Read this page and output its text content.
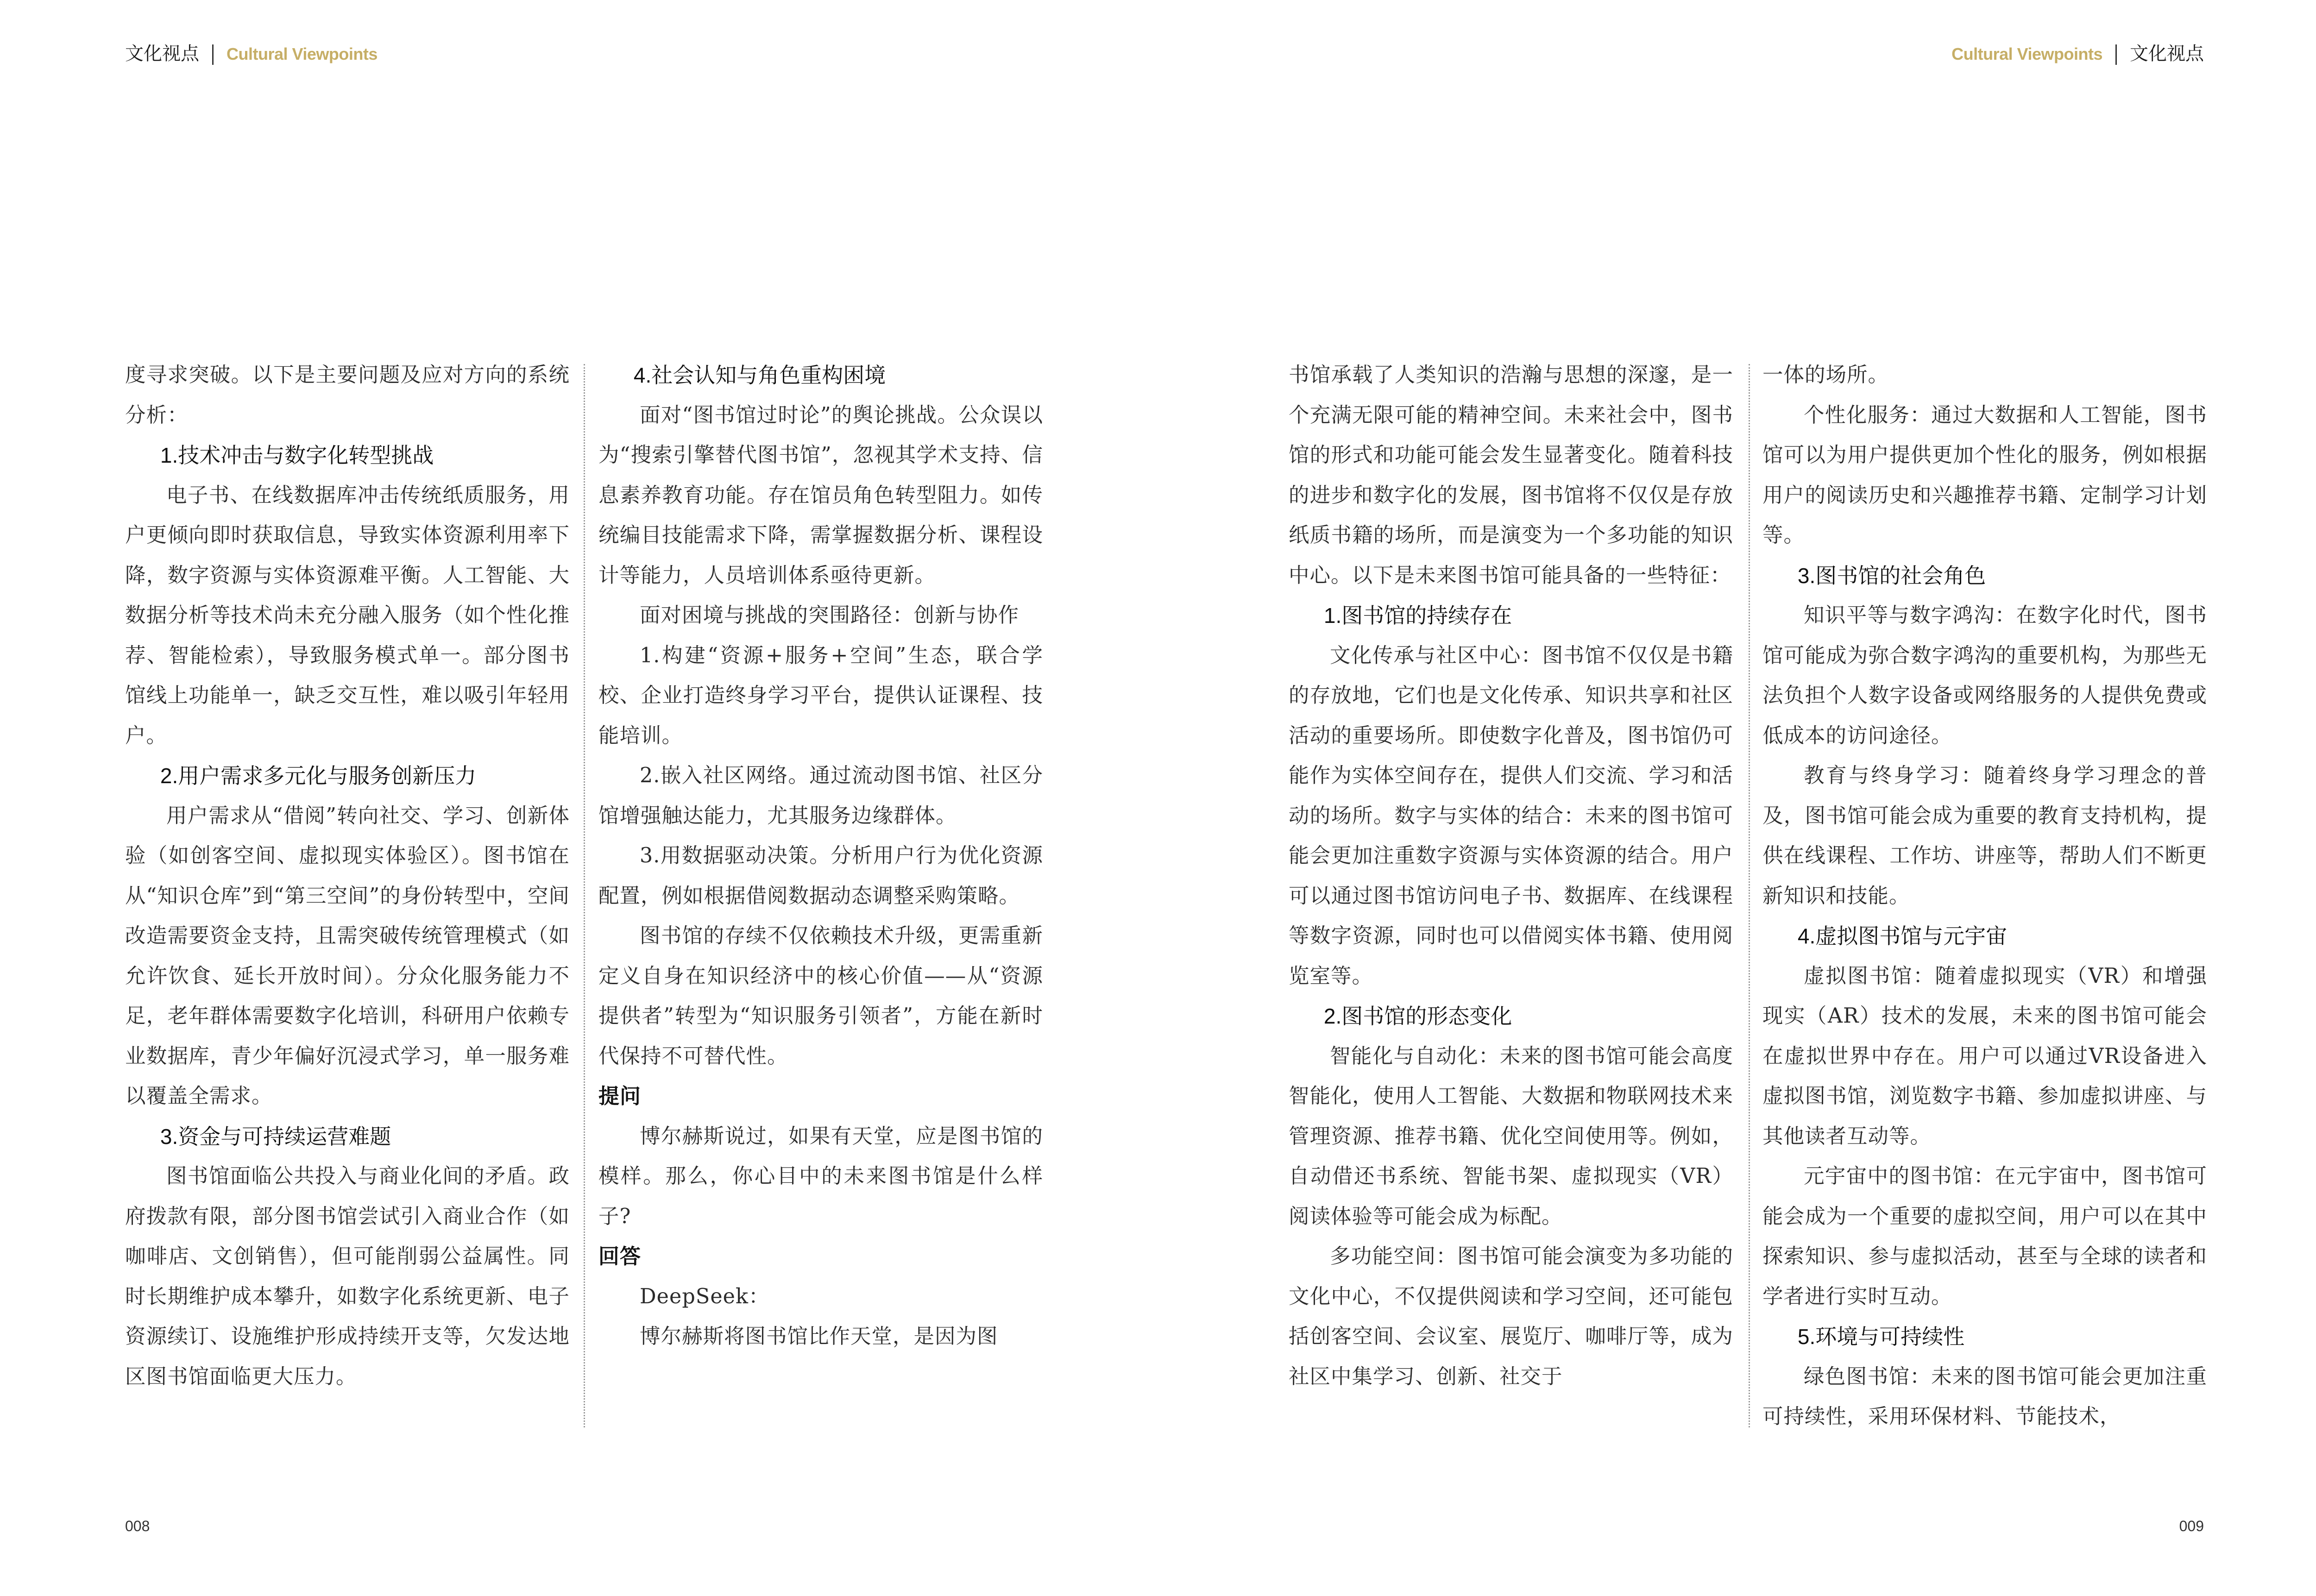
文化视点 Cultural Viewpoints	Cultural Viewpoints 文化视点

度寻求突破。以下是主要问题及应对方向的系统分析：

1.技术冲击与数字化转型挑战

电子书、在线数据库冲击传统纸质服务，用户更倾向即时获取信息，导致实体资源利用率下降，数字资源与实体资源难平衡。人工智能、大数据分析等技术尚未充分融入服务（如个性化推荐、智能检索），导致服务模式单一。部分图书馆线上功能单一，缺乏交互性，难以吸引年轻用户。

2.用户需求多元化与服务创新压力

用户需求从“借阅”转向社交、学习、创新体验（如创客空间、虚拟现实体验区）。图书馆在从“知识仓库”到“第三空间”的身份转型中，空间改造需要资金支持，且需突破传统管理模式（如允许饮食、延长开放时间）。分众化服务能力不足，老年群体需要数字化培训，科研用户依赖专业数据库，青少年偏好沉浸式学习，单一服务难以覆盖全需求。

3.资金与可持续运营难题

图书馆面临公共投入与商业化间的矛盾。政府拨款有限，部分图书馆尝试引入商业合作（如咖啡店、文创销售），但可能削弱公益属性。同时长期维护成本攀升，如数字化系统更新、电子资源续订、设施维护形成持续开支等，欠发达地区图书馆面临更大压力。

4.社会认知与角色重构困境

面对“图书馆过时论”的舆论挑战。公众误以为“搜索引擎替代图书馆”，忽视其学术支持、信息素养教育功能。存在馆员角色转型阻力。如传统编目技能需求下降，需掌握数据分析、课程设计等能力，人员培训体系亟待更新。

面对困境与挑战的突围路径：创新与协作

1.构建“资源+服务+空间”生态，联合学校、企业打造终身学习平台，提供认证课程、技能培训。

2.嵌入社区网络。通过流动图书馆、社区分馆增强触达能力，尤其服务边缘群体。

3.用数据驱动决策。分析用户行为优化资源配置，例如根据借阅数据动态调整采购策略。

图书馆的存续不仅依赖技术升级，更需重新定义自身在知识经济中的核心价值——从“资源提供者”转型为“知识服务引领者”，方能在新时代保持不可替代性。

提问

博尔赫斯说过，如果有天堂，应是图书馆的模样。那么，你心目中的未来图书馆是什么样子?

回答

DeepSeek：

博尔赫斯将图书馆比作天堂，是因为图

书馆承载了人类知识的浩瀚与思想的深邃，是一个充满无限可能的精神空间。未来社会中，图书馆的形式和功能可能会发生显著变化。随着科技的进步和数字化的发展，图书馆将不仅仅是存放纸质书籍的场所，而是演变为一个多功能的知识中心。以下是未来图书馆可能具备的一些特征：

1.图书馆的持续存在

文化传承与社区中心：图书馆不仅仅是书籍的存放地，它们也是文化传承、知识共享和社区活动的重要场所。即使数字化普及，图书馆仍可能作为实体空间存在，提供人们交流、学习和活动的场所。数字与实体的结合：未来的图书馆可能会更加注重数字资源与实体资源的结合。用户可以通过图书馆访问电子书、数据库、在线课程等数字资源，同时也可以借阅实体书籍、使用阅览室等。

2.图书馆的形态变化

智能化与自动化：未来的图书馆可能会高度智能化，使用人工智能、大数据和物联网技术来管理资源、推荐书籍、优化空间使用等。例如，自动借还书系统、智能书架、虚拟现实（VR）阅读体验等可能会成为标配。

多功能空间：图书馆可能会演变为多功能的文化中心，不仅提供阅读和学习空间，还可能包括创客空间、会议室、展览厅、咖啡厅等，成为社区中集学习、创新、社交于

一体的场所。

个性化服务：通过大数据和人工智能，图书馆可以为用户提供更加个性化的服务，例如根据用户的阅读历史和兴趣推荐书籍、定制学习计划等。

3.图书馆的社会角色

知识平等与数字鸿沟：在数字化时代，图书馆可能成为弥合数字鸿沟的重要机构，为那些无法负担个人数字设备或网络服务的人提供免费或低成本的访问途径。

教育与终身学习：随着终身学习理念的普及，图书馆可能会成为重要的教育支持机构，提供在线课程、工作坊、讲座等，帮助人们不断更新知识和技能。

4.虚拟图书馆与元宇宙

虚拟图书馆：随着虚拟现实（VR）和增强现实（AR）技术的发展，未来的图书馆可能会在虚拟世界中存在。用户可以通过VR设备进入虚拟图书馆，浏览数字书籍、参加虚拟讲座、与其他读者互动等。

元宇宙中的图书馆：在元宇宙中，图书馆可能会成为一个重要的虚拟空间，用户可以在其中探索知识、参与虚拟活动，甚至与全球的读者和学者进行实时互动。

5.环境与可持续性

绿色图书馆：未来的图书馆可能会更加注重可持续性，采用环保材料、节能技术，

008	009
